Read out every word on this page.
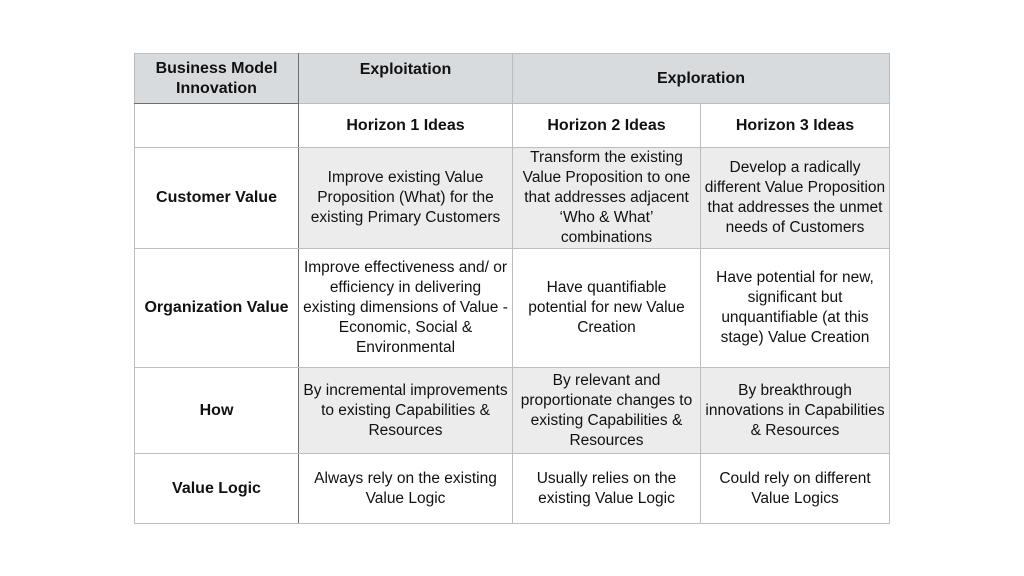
Business Model Innovation	Exploitation	Exploration	
	Horizon 1 Ideas	Horizon 2 Ideas	Horizon 3 Ideas
Customer Value	Improve existing Value Proposition (What) for the existing Primary Customers	Transform the existing Value Proposition to one that addresses adjacent ‘Who & What’ combinations	Develop a radically different Value Proposition that addresses the unmet needs of Customers
Organization Value	Improve effectiveness and/ or efficiency in delivering existing dimensions of Value - Economic, Social & Environmental	Have quantifiable potential for new Value Creation	Have potential for new, significant but unquantifiable (at this stage) Value Creation
How	By incremental improvements to existing Capabilities & Resources	By relevant and proportionate changes to existing Capabilities & Resources	By breakthrough innovations in Capabilities & Resources
Value Logic	Always rely on the existing Value Logic	Usually relies on the existing Value Logic	Could rely on different Value Logics
